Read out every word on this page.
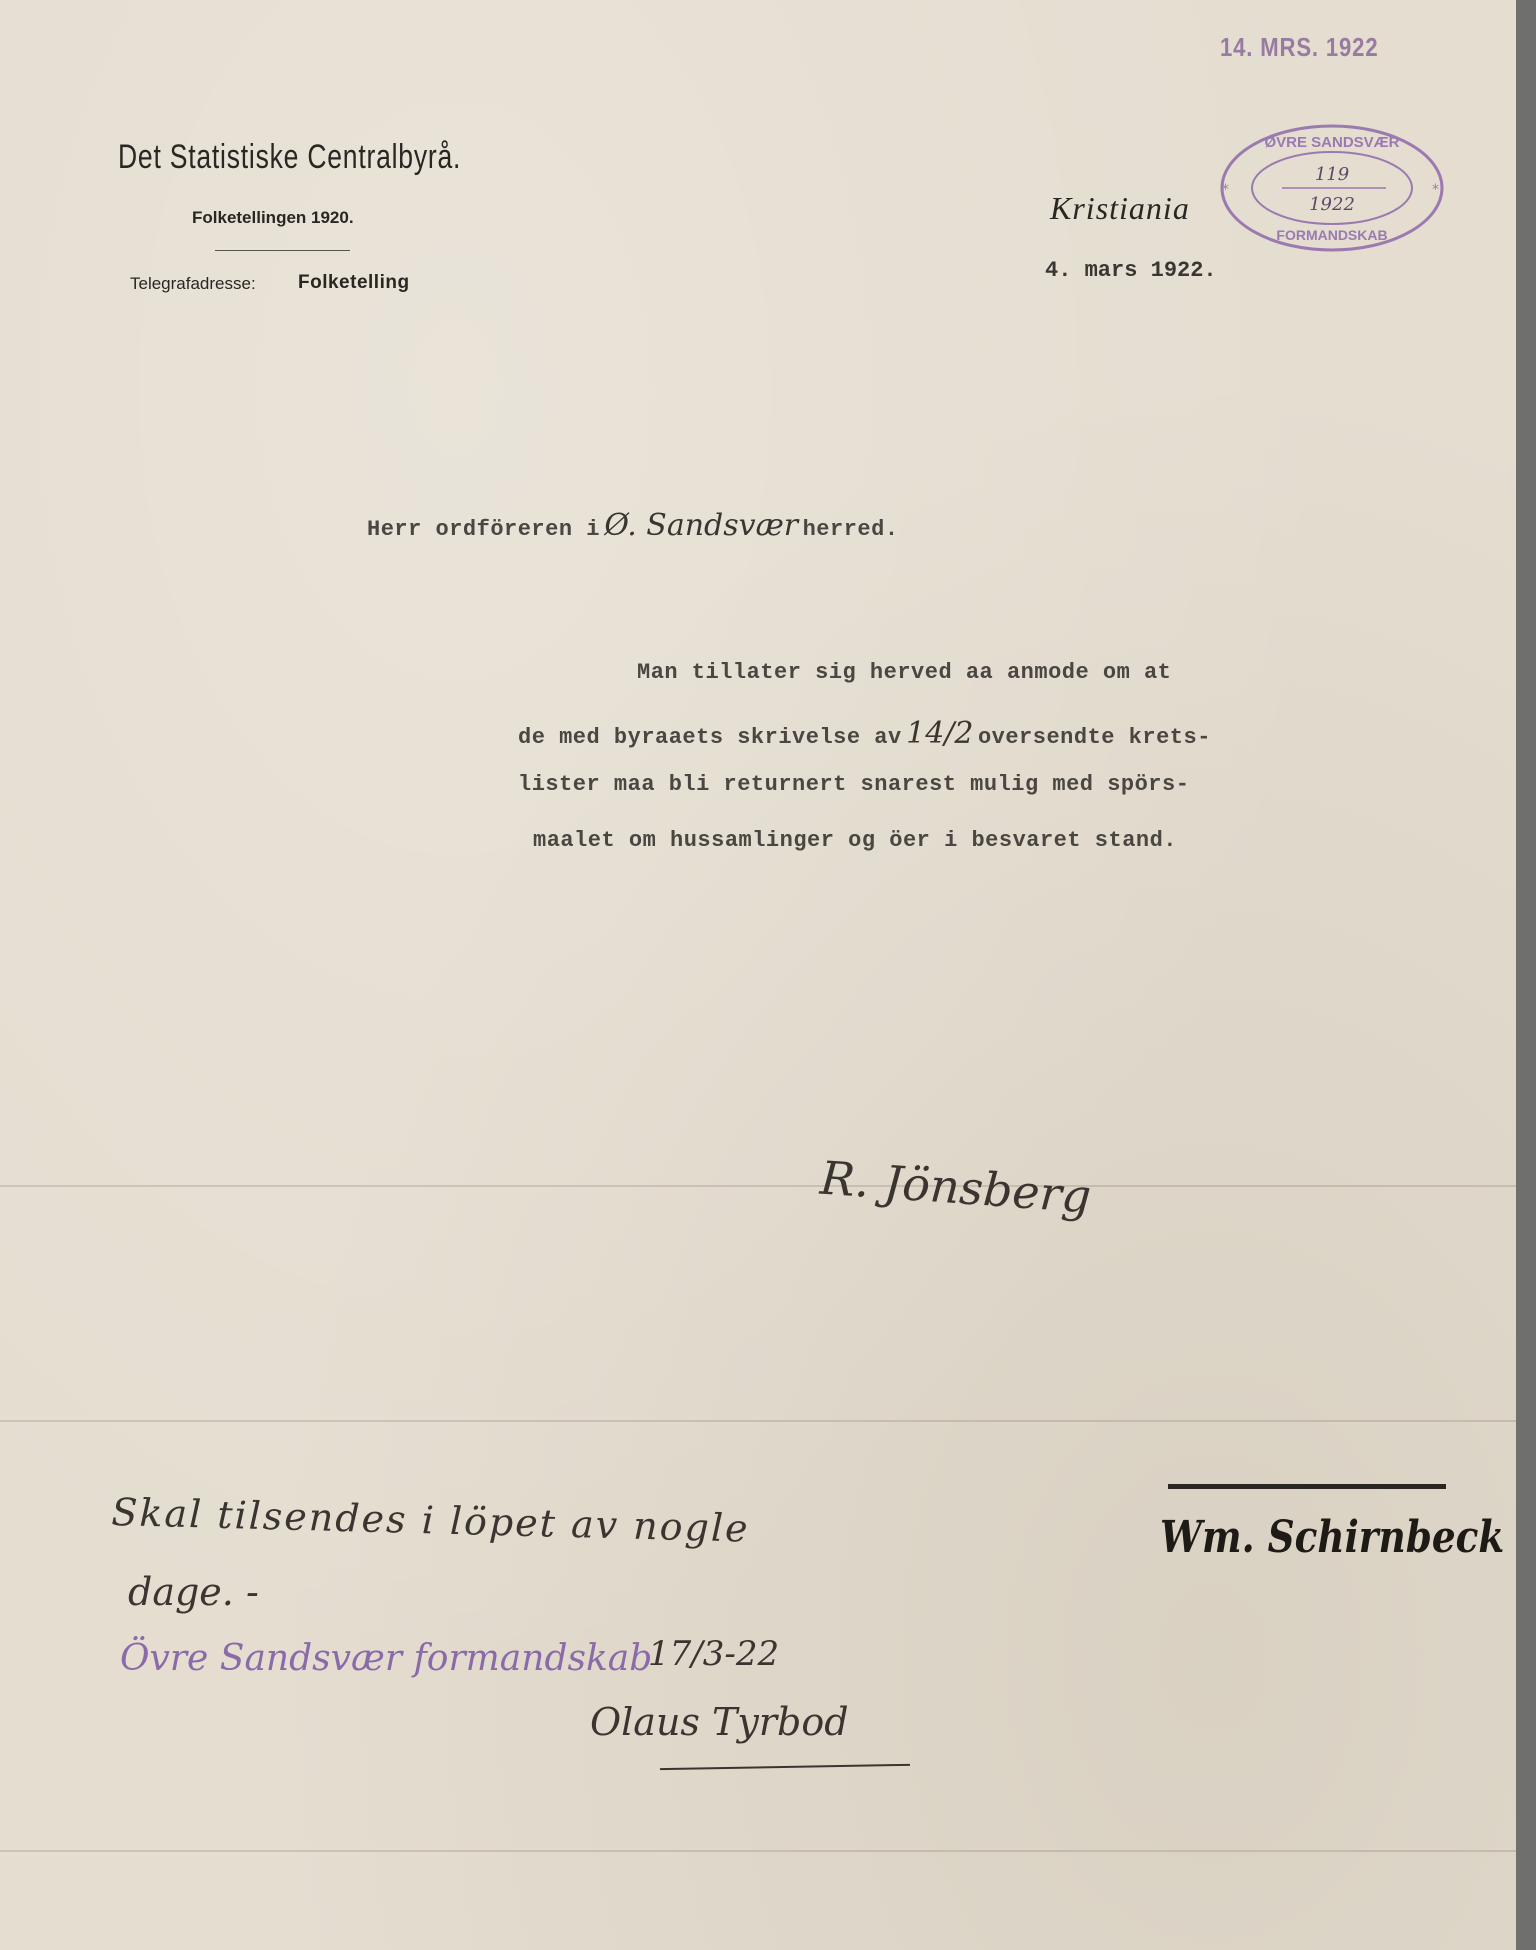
Det Statistiske Centralbyrå.
Folketellingen 1920.
Telegrafadresse: Folketelling
14. MRS. 1922
*	*
ØVRE SANDSVÆR
119
1922
FORMANDSKAB
Kristiania
4. mars 1922.
Herr ordföreren i Ø. Sandsvær herred.
Man tillater sig herved aa anmode om at
de med byraaets skrivelse av 14/2 oversendte krets-
lister maa bli returnert snarest mulig med spörs-
maalet om hussamlinger og öer i besvaret stand.
R. Jönsberg
Skal tilsendes i löpet av nogle
dage. -
Övre Sandsvær formandskab
17/3-22
Wm. Schirnbeck
Olaus Tyrbod
